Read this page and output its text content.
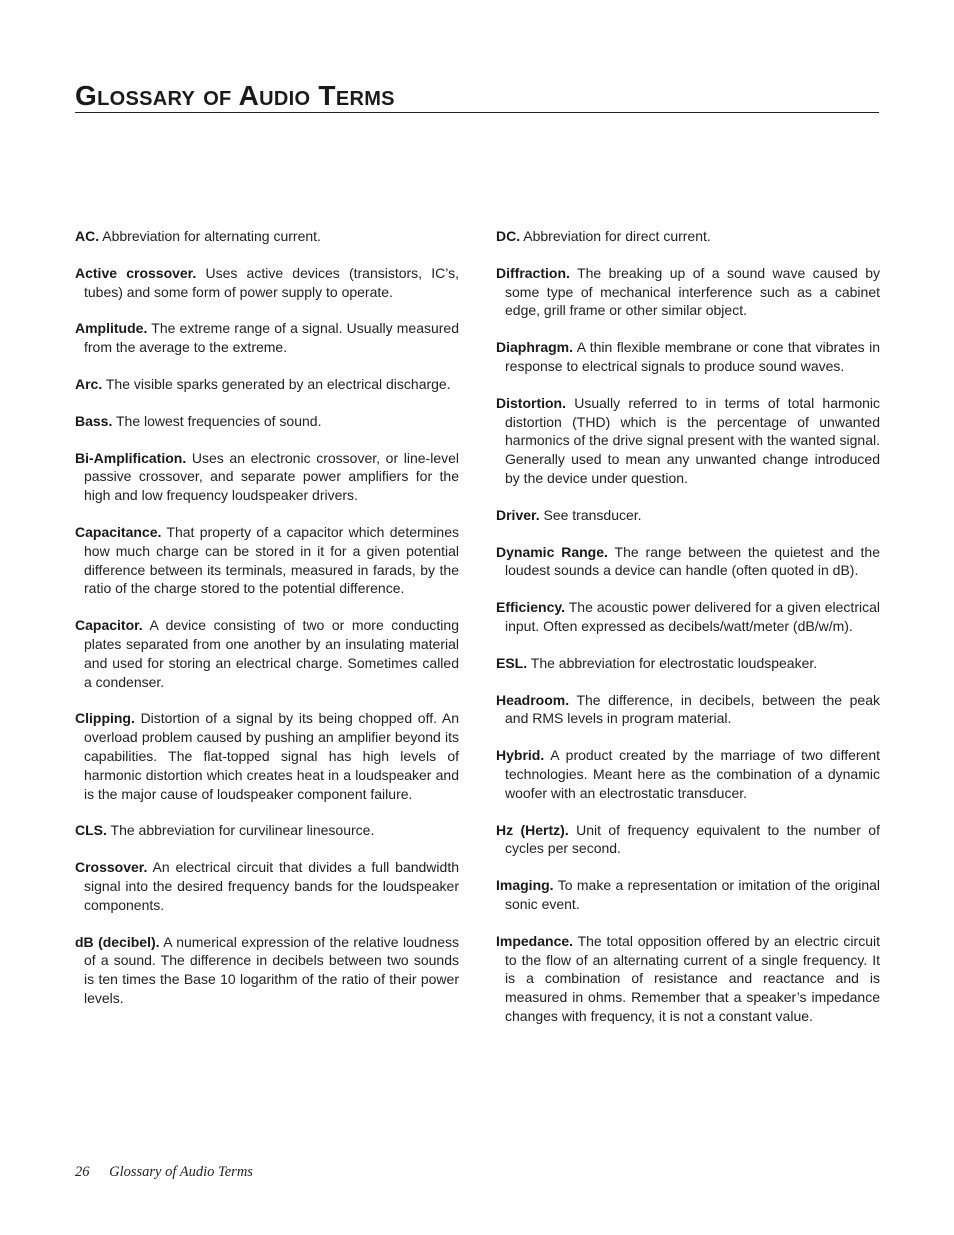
Glossary of Audio Terms

AC. Abbreviation for alternating current.

Active crossover. Uses active devices (transistors, IC’s, tubes) and some form of power supply to operate.

Amplitude. The extreme range of a signal. Usually measured from the average to the extreme.

Arc. The visible sparks generated by an electrical discharge.

Bass. The lowest frequencies of sound.

Bi-Amplification. Uses an electronic crossover, or line-level passive crossover, and separate power amplifiers for the high and low frequency loudspeaker drivers.

Capacitance. That property of a capacitor which determines how much charge can be stored in it for a given potential difference between its terminals, measured in farads, by the ratio of the charge stored to the potential difference.

Capacitor. A device consisting of two or more conducting plates separated from one another by an insulating material and used for storing an electrical charge. Sometimes called a condenser.

Clipping. Distortion of a signal by its being chopped off. An overload problem caused by pushing an amplifier beyond its capabilities. The flat-topped signal has high levels of harmonic distortion which creates heat in a loudspeaker and is the major cause of loudspeaker component failure.

CLS. The abbreviation for curvilinear linesource.

Crossover. An electrical circuit that divides a full bandwidth signal into the desired frequency bands for the loudspeaker components.

dB (decibel). A numerical expression of the relative loudness of a sound. The difference in decibels between two sounds is ten times the Base 10 logarithm of the ratio of their power levels.

DC. Abbreviation for direct current.

Diffraction. The breaking up of a sound wave caused by some type of mechanical interference such as a cabinet edge, grill frame or other similar object.

Diaphragm. A thin flexible membrane or cone that vibrates in response to electrical signals to produce sound waves.

Distortion. Usually referred to in terms of total harmonic distortion (THD) which is the percentage of unwanted harmonics of the drive signal present with the wanted signal. Generally used to mean any unwanted change introduced by the device under question.

Driver. See transducer.

Dynamic Range. The range between the quietest and the loudest sounds a device can handle (often quoted in dB).

Efficiency. The acoustic power delivered for a given electrical input. Often expressed as decibels/watt/meter (dB/w/m).

ESL. The abbreviation for electrostatic loudspeaker.

Headroom. The difference, in decibels, between the peak and RMS levels in program material.

Hybrid. A product created by the marriage of two different technologies. Meant here as the combination of a dynamic woofer with an electrostatic transducer.

Hz (Hertz). Unit of frequency equivalent to the number of cycles per second.

Imaging. To make a representation or imitation of the original sonic event.

Impedance. The total opposition offered by an electric circuit to the flow of an alternating current of a single frequency. It is a combination of resistance and reactance and is measured in ohms. Remember that a speaker’s impedance changes with frequency, it is not a constant value.

26 Glossary of Audio Terms
